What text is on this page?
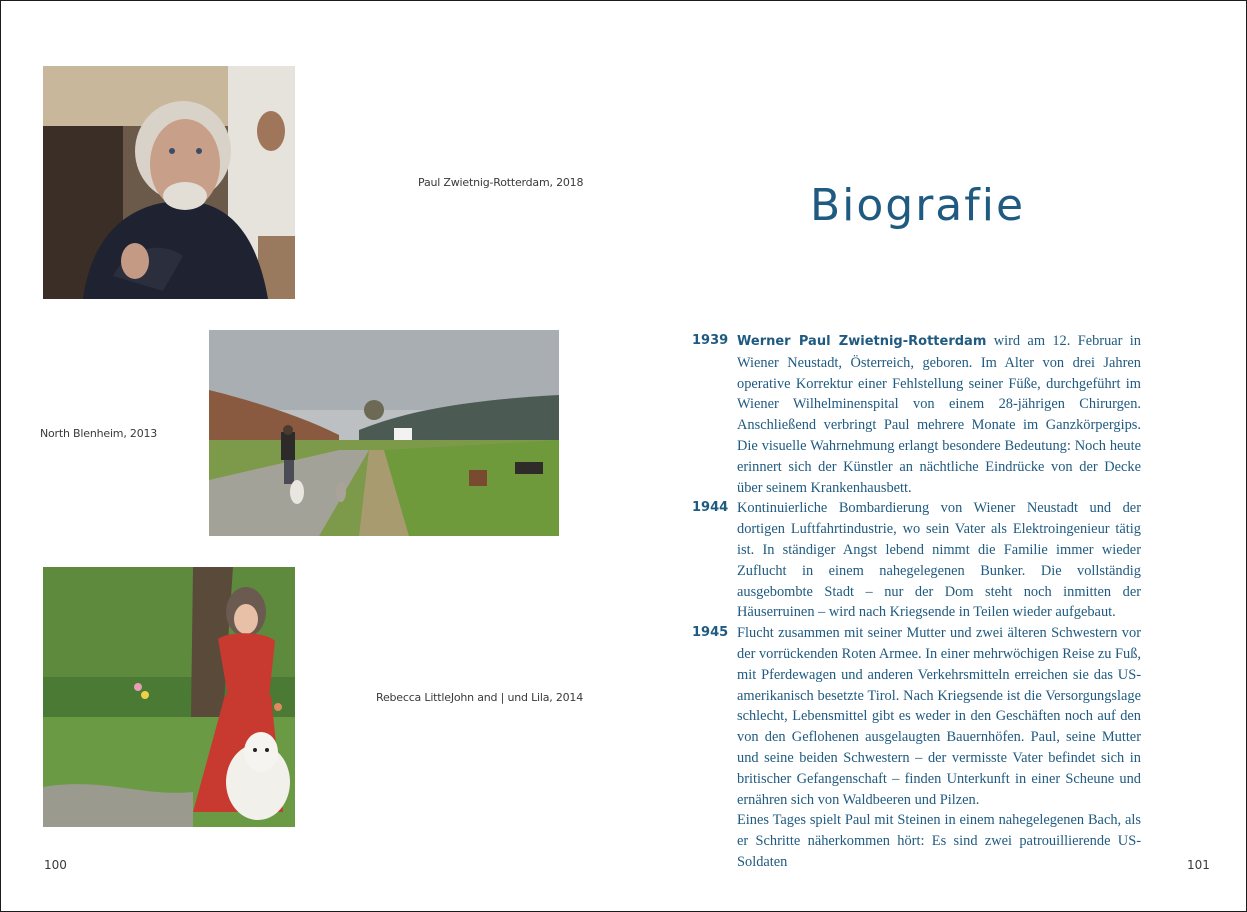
Paul Zwietnig-Rotterdam, 2018
North Blenheim, 2013
Rebecca LittleJohn and | und Lila, 2014
100
Biografie
1939 Werner Paul Zwietnig-Rotterdam wird am 12. Februar in Wiener Neustadt, Österreich, geboren. Im Alter von drei Jahren operative Korrektur einer Fehlstellung seiner Füße, durchgeführt im Wiener Wilhelminenspital von einem 28-jährigen Chirurgen. Anschließend verbringt Paul mehrere Monate im Ganzkörpergips. Die visuelle Wahrnehmung erlangt besondere Bedeutung: Noch heute erinnert sich der Künstler an nächtliche Eindrücke von der Decke über seinem Krankenhausbett.
1944 Kontinuierliche Bombardierung von Wiener Neustadt und der dortigen Luftfahrtindustrie, wo sein Vater als Elektroingenieur tätig ist. In ständiger Angst lebend nimmt die Familie immer wieder Zuflucht in einem nahegelegenen Bunker. Die vollständig ausgebombte Stadt – nur der Dom steht noch inmitten der Häuserruinen – wird nach Kriegsende in Teilen wieder aufgebaut.
1945 Flucht zusammen mit seiner Mutter und zwei älteren Schwestern vor der vorrückenden Roten Armee. In einer mehrwöchigen Reise zu Fuß, mit Pferdewagen und anderen Verkehrsmitteln erreichen sie das US-amerikanisch besetzte Tirol. Nach Kriegsende ist die Versorgungslage schlecht, Lebensmittel gibt es weder in den Geschäften noch auf den von den Geflohenen ausgelaugten Bauernhöfen. Paul, seine Mutter und seine beiden Schwestern – der vermisste Vater befindet sich in britischer Gefangenschaft – finden Unterkunft in einer Scheune und ernähren sich von Waldbeeren und Pilzen.
Eines Tages spielt Paul mit Steinen in einem nahegelegenen Bach, als er Schritte näherkommen hört: Es sind zwei patrouillierende US-Soldaten	101
